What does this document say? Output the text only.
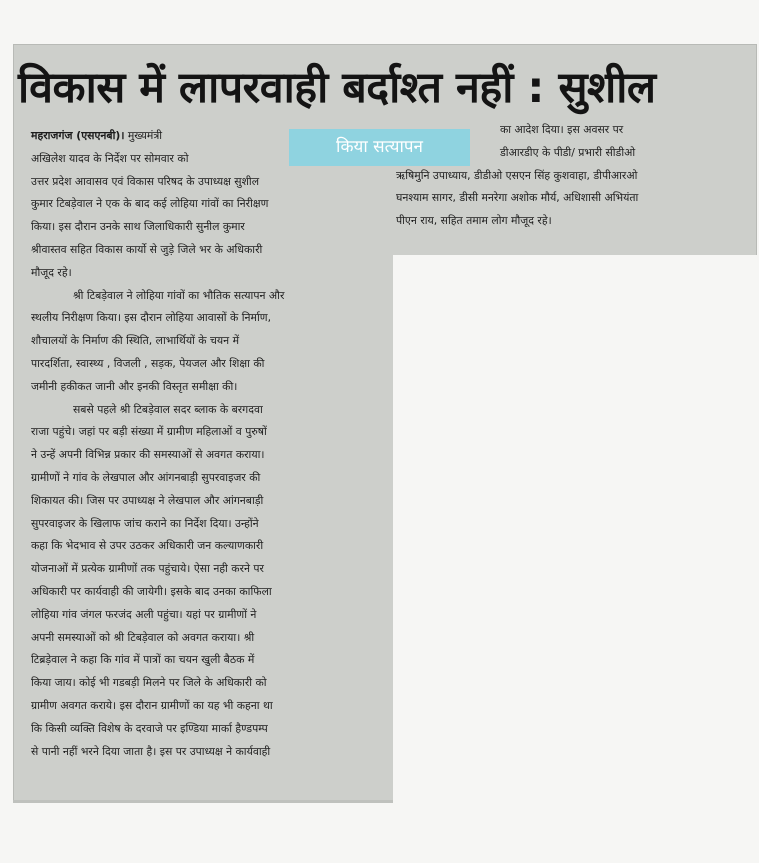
विकास में लापरवाही बर्दाश्त नहीं : सुशील
किया सत्यापन
महराजगंज (एसएनबी)। मुख्यमंत्री
अखिलेश यादव के निर्देश पर सोमवार को
उत्तर प्रदेश आवासव एवं विकास परिषद के उपाध्यक्ष सुशील
कुमार टिबड़ेवाल ने एक के बाद कई लोहिया गांवों का निरीक्षण
किया। इस दौरान उनके साथ जिलाधिकारी सुनील कुमार
श्रीवास्तव सहित विकास कार्यो से जुड़े जिले भर के अधिकारी
मौजूद रहे।
श्री टिबड़ेवाल ने लोहिया गांवों का भौतिक सत्यापन और
स्थलीय निरीक्षण किया। इस दौरान लोहिया आवासों के निर्माण,
शौचालयों के निर्माण की स्थिति, लाभार्थियों के चयन में
पारदर्शिता, स्वास्थ्य , विजली , सड़क, पेयजल और शिक्षा की
जमीनी हकीकत जानी और इनकी विस्तृत समीक्षा की।
सबसे पहले श्री टिबड़ेवाल सदर ब्लाक के बरगदवा
राजा पहुंचे। जहां पर बड़ी संख्या में ग्रामीण महिलाओं व पुरुषों
ने उन्हें अपनी विभिन्न प्रकार की समस्याओं से अवगत कराया।
ग्रामीणों ने गांव के लेखपाल और आंगनबाड़ी सुपरवाइजर की
शिकायत की। जिस पर उपाध्यक्ष ने लेखपाल और आंगनबाड़ी
सुपरवाइजर के खिलाफ जांच कराने का निर्देश दिया। उन्होंने
कहा कि भेदभाव से उपर उठकर अधिकारी जन कल्याणकारी
योजनाओं में प्रत्येक ग्रामीणों तक पहुंचाये। ऐसा नही करने पर
अधिकारी पर कार्यवाही की जायेगी। इसके बाद उनका काफिला
लोहिया गांव जंगल फरजंद अली पहुंचा। यहां पर ग्रामीणों ने
अपनी समस्याओं को श्री टिबड़ेवाल को अवगत कराया। श्री
टिब्रड़ेवाल ने कहा कि गांव में पात्रों का चयन खुली बैठक में
किया जाय। कोई भी गडबड़ी मिलने पर जिले के अधिकारी को
ग्रामीण अवगत कराये। इस दौरान ग्रामीणों का यह भी कहना था
कि किसी व्यक्ति विशेष के दरवाजे पर इण्डिया मार्का हैण्डपम्प
से पानी नहीं भरने दिया जाता है। इस पर उपाध्यक्ष ने कार्यवाही
का आदेश दिया। इस अवसर पर
डीआरडीए के पीडी/ प्रभारी सीडीओ
ऋषिमुनि उपाध्याय, डीडीओ एसएन सिंह कुशवाहा, डीपीआरओ
घनश्याम सागर, डीसी मनरेगा अशोक मौर्य, अधिशासी अभियंता
पीएन राय, सहित तमाम लोग मौजूद रहे।
